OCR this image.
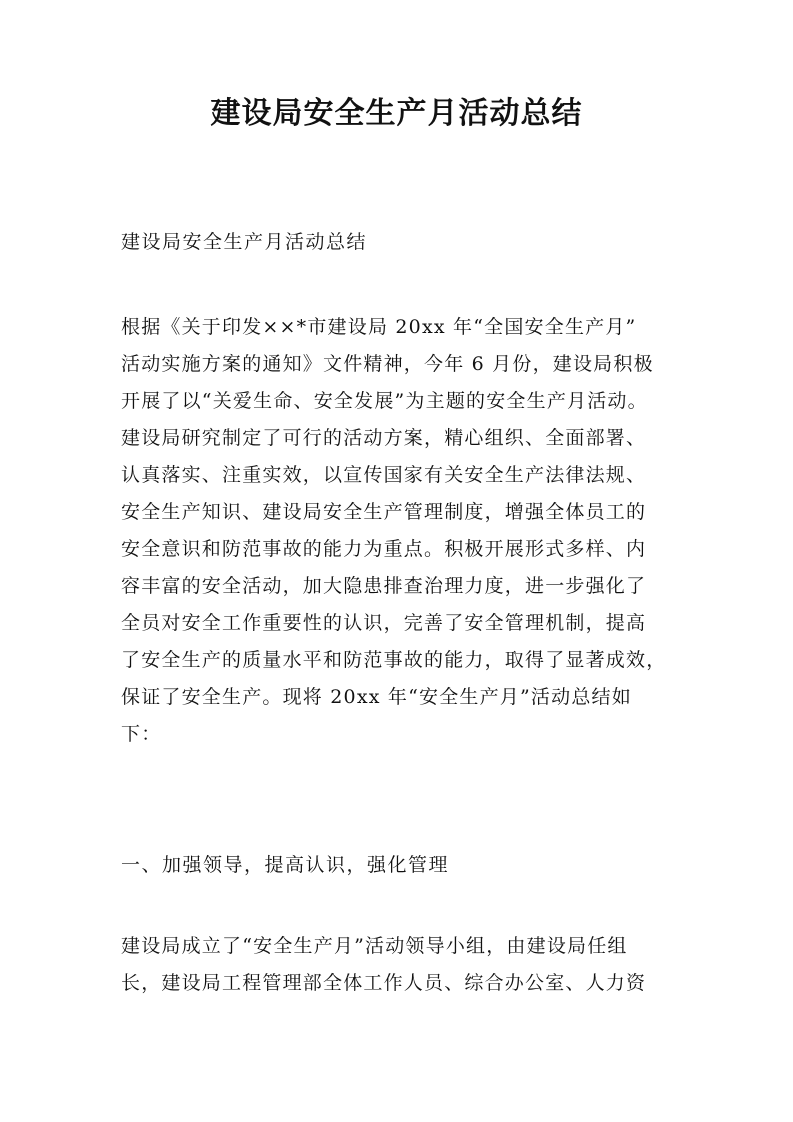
建设局安全生产月活动总结

建设局安全生产月活动总结

根据《关于印发××*市建设局 20xx 年“全国安全生产月”
活动实施方案的通知》文件精神，今年 6 月份，建设局积极
开展了以“关爱生命、安全发展”为主题的安全生产月活动。
建设局研究制定了可行的活动方案，精心组织、全面部署、
认真落实、注重实效，以宣传国家有关安全生产法律法规、
安全生产知识、建设局安全生产管理制度，增强全体员工的
安全意识和防范事故的能力为重点。积极开展形式多样、内
容丰富的安全活动，加大隐患排查治理力度，进一步强化了
全员对安全工作重要性的认识，完善了安全管理机制，提高
了安全生产的质量水平和防范事故的能力，取得了显著成效，
保证了安全生产。现将 20xx 年“安全生产月”活动总结如
下：
一、加强领导，提高认识，强化管理
建设局成立了“安全生产月”活动领导小组，由建设局任组
长，建设局工程管理部全体工作人员、综合办公室、人力资
